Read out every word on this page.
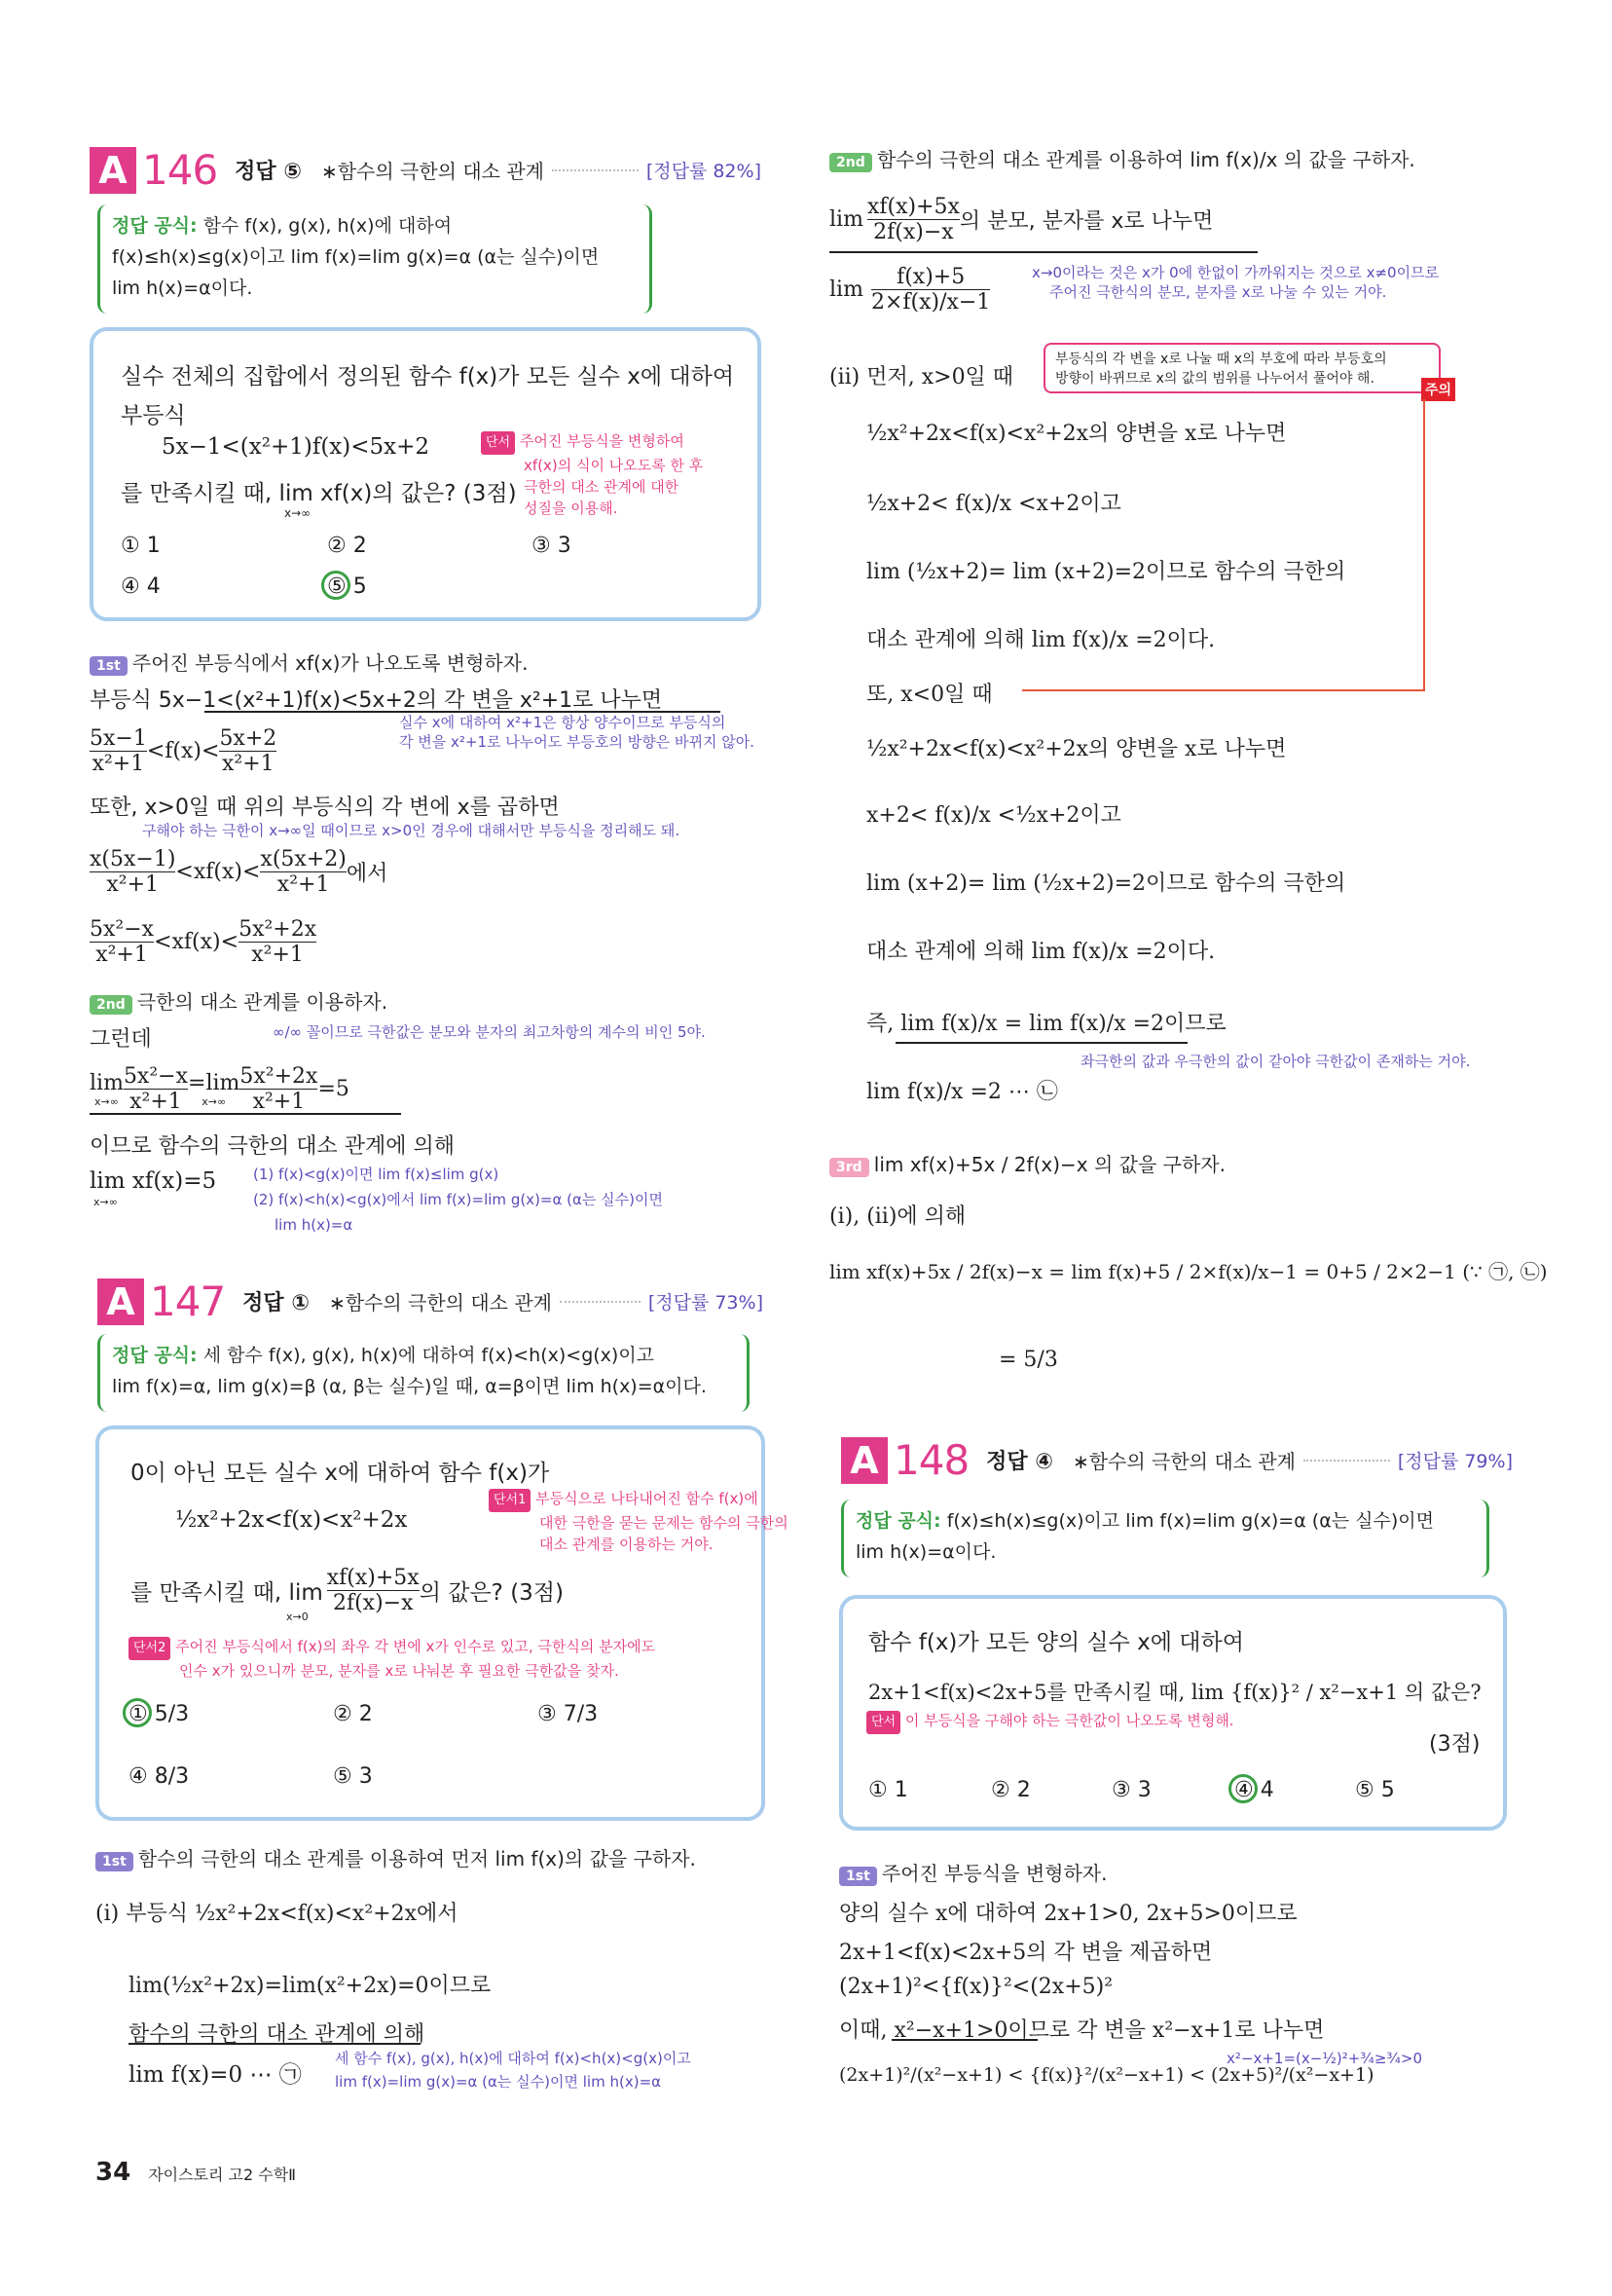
A 146 정답 ⑤ ∗함수의 극한의 대소 관계	[정답률 82%]
정답 공식: 함수 f(x), g(x), h(x)에 대하여
f(x)≤h(x)≤g(x)이고 lim f(x)=lim g(x)=α (α는 실수)이면
lim h(x)=α이다.
실수 전체의 집합에서 정의된 함수 f(x)가 모든 실수 x에 대하여
부등식
5x−1<(x²+1)f(x)<5x+2
를 만족시킬 때, lim xf(x)의 값은? (3점)
x→∞
단서 주어진 부등식을 변형하여
xf(x)의 식이 나오도록 한 후
극한의 대소 관계에 대한
성질을 이용해.
① 1	② 2	③ 3
④ 4	⑤ 5
1st 주어진 부등식에서 xf(x)가 나오도록 변형하자.
부등식 5x−1<(x²+1)f(x)<5x+2의 각 변을 x²+1로 나누면
$\frac{5x-1}{\text{x²+1}} <f(x)< \frac{5x+2}{\text{x²+1}}$
실수 x에 대하여 x²+1은 항상 양수이므로 부등식의
각 변을 x²+1로 나누어도 부등호의 방향은 바뀌지 않아.
또한, x>0일 때 위의 부등식의 각 변에 x를 곱하면
구해야 하는 극한이 x→∞일 때이므로 x>0인 경우에 대해서만 부등식을 정리해도 돼.
$\frac{x(5x-1)}{\text{x²+1}} <xf(x)< \frac{x(5x+2)}{\text{x²+1}}$ 에서
$\frac{\text{5x²−x}}{\text{x²+1}} <xf(x)< \frac{\text{5x²+2x}}{\text{x²+1}}$
2nd 극한의 대소 관계를 이용하자.
그런데	∞/∞ 꼴이므로 극한값은 분모와 분자의 최고차항의 계수의 비인 5야.
lim
$x\to\infty \frac{\text{5x²−x}}{\text{x²+1}} =\lim$
$x\to\infty \frac{\text{5x²+2x}}{\text{x²+1}} =5$
이므로 함수의 극한의 대소 관계에 의해
lim xf(x)=5
x→∞
(1) f(x)<g(x)이면 lim f(x)≤lim g(x)
(2) f(x)<h(x)<g(x)에서 lim f(x)=lim g(x)=α (α는 실수)이면
lim h(x)=α
A 147 정답 ① ∗함수의 극한의 대소 관계	[정답률 73%]
정답 공식: 세 함수 f(x), g(x), h(x)에 대하여 f(x)<h(x)<g(x)이고
lim f(x)=α, lim g(x)=β (α, β는 실수)일 때, α=β이면 lim h(x)=α이다.
0이 아닌 모든 실수 x에 대하여 함수 f(x)가
½x²+2x<f(x)<x²+2x
단서1 부등식으로 나타내어진 함수 f(x)에
대한 극한을 묻는 문제는 함수의 극한의
대소 관계를 이용하는 거야.
를 만족시킬 때, $\lim \frac{xf(x)+5x}{2f(x)-x}$ 의 값은? (3점)
x→0
단서2 주어진 부등식에서 f(x)의 좌우 각 변에 x가 인수로 있고, 극한식의 분자에도
인수 x가 있으니까 분모, 분자를 x로 나눠본 후 필요한 극한값을 찾자.
① 5/3	② 2	③ 7/3
④ 8/3	⑤ 3
1st 함수의 극한의 대소 관계를 이용하여 먼저 lim f(x)의 값을 구하자.
(i) 부등식 ½x²+2x<f(x)<x²+2x에서
lim(½x²+2x)=lim(x²+2x)=0이므로
함수의 극한의 대소 관계에 의해
lim f(x)=0 ⋯ ㉠
세 함수 f(x), g(x), h(x)에 대하여 f(x)<h(x)<g(x)이고
lim f(x)=lim g(x)=α (α는 실수)이면 lim h(x)=α
2nd 함수의 극한의 대소 관계를 이용하여 lim f(x)/x 의 값을 구하자.
$\lim \frac{xf(x)+5x}{2f(x)-x}$ 의 분모, 분자를 x로 나누면
$\lim \frac{f(x)+5}{2\times f(x)/x-1}$	x→0이라는 것은 x가 0에 한없이 가까워지는 것으로 x≠0이므로
주어진 극한식의 분모, 분자를 x로 나눌 수 있는 거야.
(ii) 먼저, x>0일 때
부등식의 각 변을 x로 나눌 때 x의 부호에 따라 부등호의
방향이 바뀌므로 x의 값의 범위를 나누어서 풀어야 해.
주의
½x²+2x<f(x)<x²+2x의 양변을 x로 나누면
½x+2< f(x)/x <x+2이고
lim (½x+2)= lim (x+2)=2이므로 함수의 극한의
대소 관계에 의해 lim f(x)/x =2이다.
또, x<0일 때
½x²+2x<f(x)<x²+2x의 양변을 x로 나누면
x+2< f(x)/x <½x+2이고
lim (x+2)= lim (½x+2)=2이므로 함수의 극한의
대소 관계에 의해 lim f(x)/x =2이다.
즉, lim f(x)/x = lim f(x)/x =2이므로
좌극한의 값과 우극한의 값이 같아야 극한값이 존재하는 거야.
lim f(x)/x =2 ⋯ ㉡
3rd lim xf(x)+5x / 2f(x)−x 의 값을 구하자.
(i), (ii)에 의해
lim xf(x)+5x / 2f(x)−x = lim f(x)+5 / 2×f(x)/x−1 = 0+5 / 2×2−1 (∵ ㉠, ㉡)
= 5/3
A 148 정답 ④ ∗함수의 극한의 대소 관계	[정답률 79%]
정답 공식: f(x)≤h(x)≤g(x)이고 lim f(x)=lim g(x)=α (α는 실수)이면
lim h(x)=α이다.
함수 f(x)가 모든 양의 실수 x에 대하여
2x+1<f(x)<2x+5를 만족시킬 때, lim {f(x)}² / x²−x+1 의 값은?
(3점)
단서 이 부등식을 구해야 하는 극한값이 나오도록 변형해.
① 1	② 2	③ 3	④ 4	⑤ 5
1st 주어진 부등식을 변형하자.
양의 실수 x에 대하여 2x+1>0, 2x+5>0이므로
2x+1<f(x)<2x+5의 각 변을 제곱하면
(2x+1)²<{f(x)}²<(2x+5)²
이때, x²−x+1>0이므로 각 변을 x²−x+1로 나누면
(2x+1)²/(x²−x+1) < {f(x)}²/(x²−x+1) < (2x+5)²/(x²−x+1)
x²−x+1=(x−½)²+¾≥¾>0
34 자이스토리 고2 수학Ⅱ
